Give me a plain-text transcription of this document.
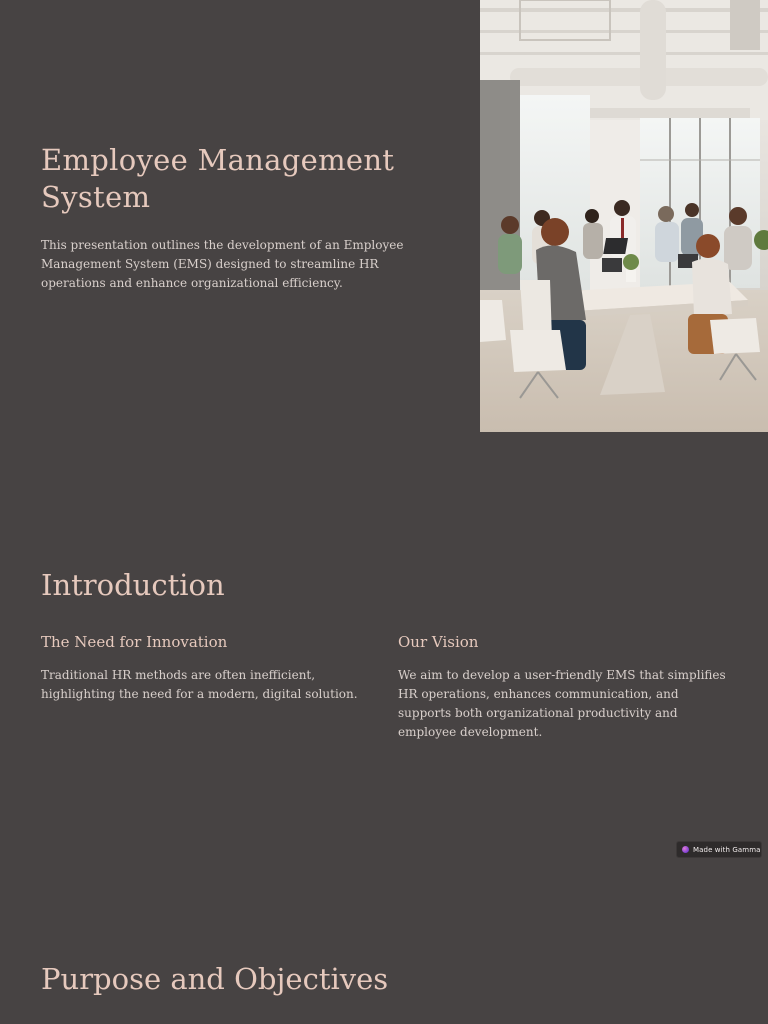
Employee Management System

This presentation outlines the development of an Employee Management System (EMS) designed to streamline HR operations and enhance organizational efficiency.

Introduction
The Need for Innovation

Traditional HR methods are often inefficient, highlighting the need for a modern, digital solution.

Our Vision

We aim to develop a user-friendly EMS that simplifies HR operations, enhances communication, and supports both organizational productivity and employee development.

Made with Gamma
Purpose and Objectives
